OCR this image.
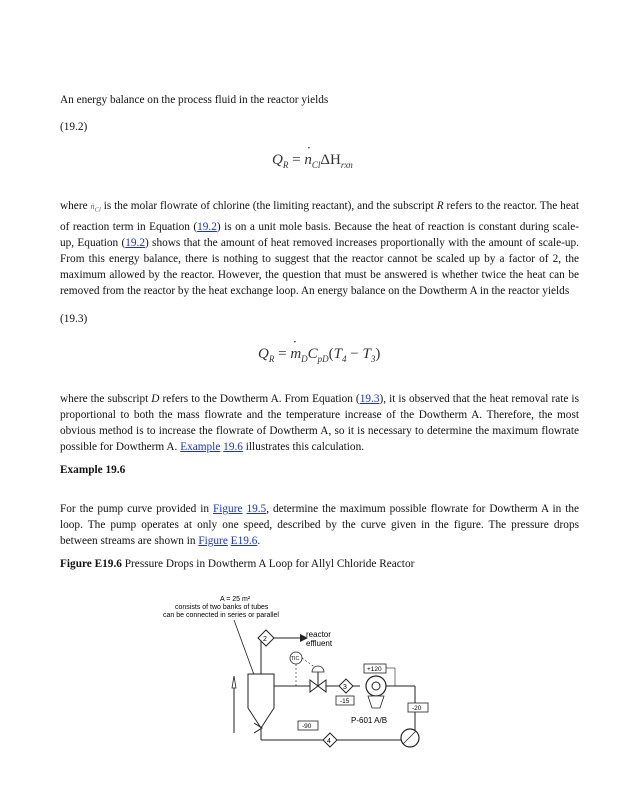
An energy balance on the process fluid in the reactor yields

(19.2)

$Q_R$ = ˙ $n_{Cl}\Delta H_{rxn}$

where ṅ$_{Cl}$ is the molar flowrate of chlorine (the limiting reactant), and the subscript R refers to the reactor. The heat of reaction term in Equation (19.2) is on a unit mole basis. Because the heat of reaction is constant during scale-up, Equation (19.2) shows that the amount of heat removed increases proportionally with the amount of scale-up. From this energy balance, there is nothing to suggest that the reactor cannot be scaled up by a factor of 2, the maximum allowed by the reactor. However, the question that must be answered is whether twice the heat can be removed from the reactor by the heat exchange loop. An energy balance on the Dowtherm A in the reactor yields

(19.3)

$Q_R$ = ˙ $m_DC_{pD}(T_4 - T_3)$

where the subscript D refers to the Dowtherm A. From Equation (19.3), it is observed that the heat removal rate is proportional to both the mass flowrate and the temperature increase of the Dowtherm A. Therefore, the most obvious method is to increase the flowrate of Dowtherm A, so it is necessary to determine the maximum flowrate possible for Dowtherm A. Example 19.6 illustrates this calculation.

Example 19.6

For the pump curve provided in Figure 19.5, determine the maximum possible flowrate for Dowtherm A in the loop. The pump operates at only one speed, described by the curve given in the figure. The pressure drops between streams are shown in Figure E19.6.

Figure E19.6 Pressure Drops in Dowtherm A Loop for Allyl Chloride Reactor

A = 25 m²
consists of two banks of tubes
can be connected in series or parallel
reactor
effluent
2
TIC
3
P-601 A/B
4
+120
-15
-20
-90
